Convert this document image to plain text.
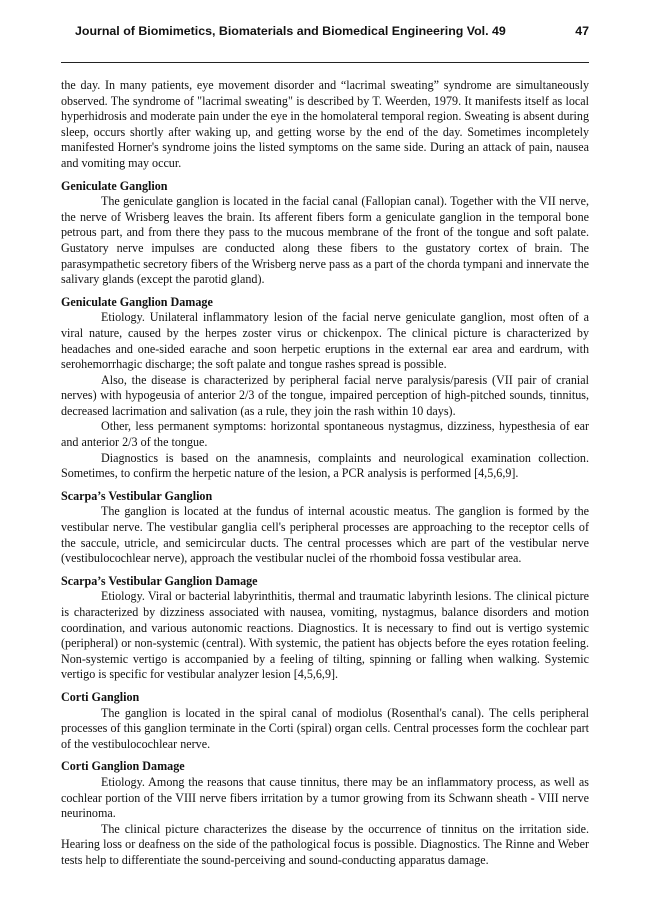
Journal of Biomimetics, Biomaterials and Biomedical Engineering Vol. 49	47

the day. In many patients, eye movement disorder and “lacrimal sweating” syndrome are simultaneously observed. The syndrome of "lacrimal sweating" is described by T. Weerden, 1979. It manifests itself as local hyperhidrosis and moderate pain under the eye in the homolateral temporal region. Sweating is absent during sleep, occurs shortly after waking up, and getting worse by the end of the day. Sometimes incompletely manifested Horner's syndrome joins the listed symptoms on the same side. During an attack of pain, nausea and vomiting may occur.

Geniculate Ganglion

The geniculate ganglion is located in the facial canal (Fallopian canal). Together with the VII nerve, the nerve of Wrisberg leaves the brain. Its afferent fibers form a geniculate ganglion in the temporal bone petrous part, and from there they pass to the mucous membrane of the front of the tongue and soft palate. Gustatory nerve impulses are conducted along these fibers to the gustatory cortex of brain. The parasympathetic secretory fibers of the Wrisberg nerve pass as a part of the chorda tympani and innervate the salivary glands (except the parotid gland).

Geniculate Ganglion Damage

Etiology. Unilateral inflammatory lesion of the facial nerve geniculate ganglion, most often of a viral nature, caused by the herpes zoster virus or chickenpox. The clinical picture is characterized by headaches and one-sided earache and soon herpetic eruptions in the external ear area and eardrum, with serohemorrhagic discharge; the soft palate and tongue rashes spread is possible.

Also, the disease is characterized by peripheral facial nerve paralysis/paresis (VII pair of cranial nerves) with hypogeusia of anterior 2/3 of the tongue, impaired perception of high-pitched sounds, tinnitus, decreased lacrimation and salivation (as a rule, they join the rash within 10 days).

Other, less permanent symptoms: horizontal spontaneous nystagmus, dizziness, hypesthesia of ear and anterior 2/3 of the tongue.

Diagnostics is based on the anamnesis, complaints and neurological examination collection. Sometimes, to confirm the herpetic nature of the lesion, a PCR analysis is performed [4,5,6,9].

Scarpa’s Vestibular Ganglion

The ganglion is located at the fundus of internal acoustic meatus. The ganglion is formed by the vestibular nerve. The vestibular ganglia cell's peripheral processes are approaching to the receptor cells of the saccule, utricle, and semicircular ducts. The central processes which are part of the vestibular nerve (vestibulocochlear nerve), approach the vestibular nuclei of the rhomboid fossa vestibular area.

Scarpa’s Vestibular Ganglion Damage

Etiology. Viral or bacterial labyrinthitis, thermal and traumatic labyrinth lesions. The clinical picture is characterized by dizziness associated with nausea, vomiting, nystagmus, balance disorders and motion coordination, and various autonomic reactions. Diagnostics. It is necessary to find out is vertigo systemic (peripheral) or non-systemic (central). With systemic, the patient has objects before the eyes rotation feeling. Non-systemic vertigo is accompanied by a feeling of tilting, spinning or falling when walking. Systemic vertigo is specific for vestibular analyzer lesion [4,5,6,9].

Corti Ganglion

The ganglion is located in the spiral canal of modiolus (Rosenthal's canal). The cells peripheral processes of this ganglion terminate in the Corti (spiral) organ cells. Central processes form the cochlear part of the vestibulocochlear nerve.

Corti Ganglion Damage

Etiology. Among the reasons that cause tinnitus, there may be an inflammatory process, as well as cochlear portion of the VIII nerve fibers irritation by a tumor growing from its Schwann sheath - VIII nerve neurinoma.

The clinical picture characterizes the disease by the occurrence of tinnitus on the irritation side. Hearing loss or deafness on the side of the pathological focus is possible. Diagnostics. The Rinne and Weber tests help to differentiate the sound-perceiving and sound-conducting apparatus damage.
